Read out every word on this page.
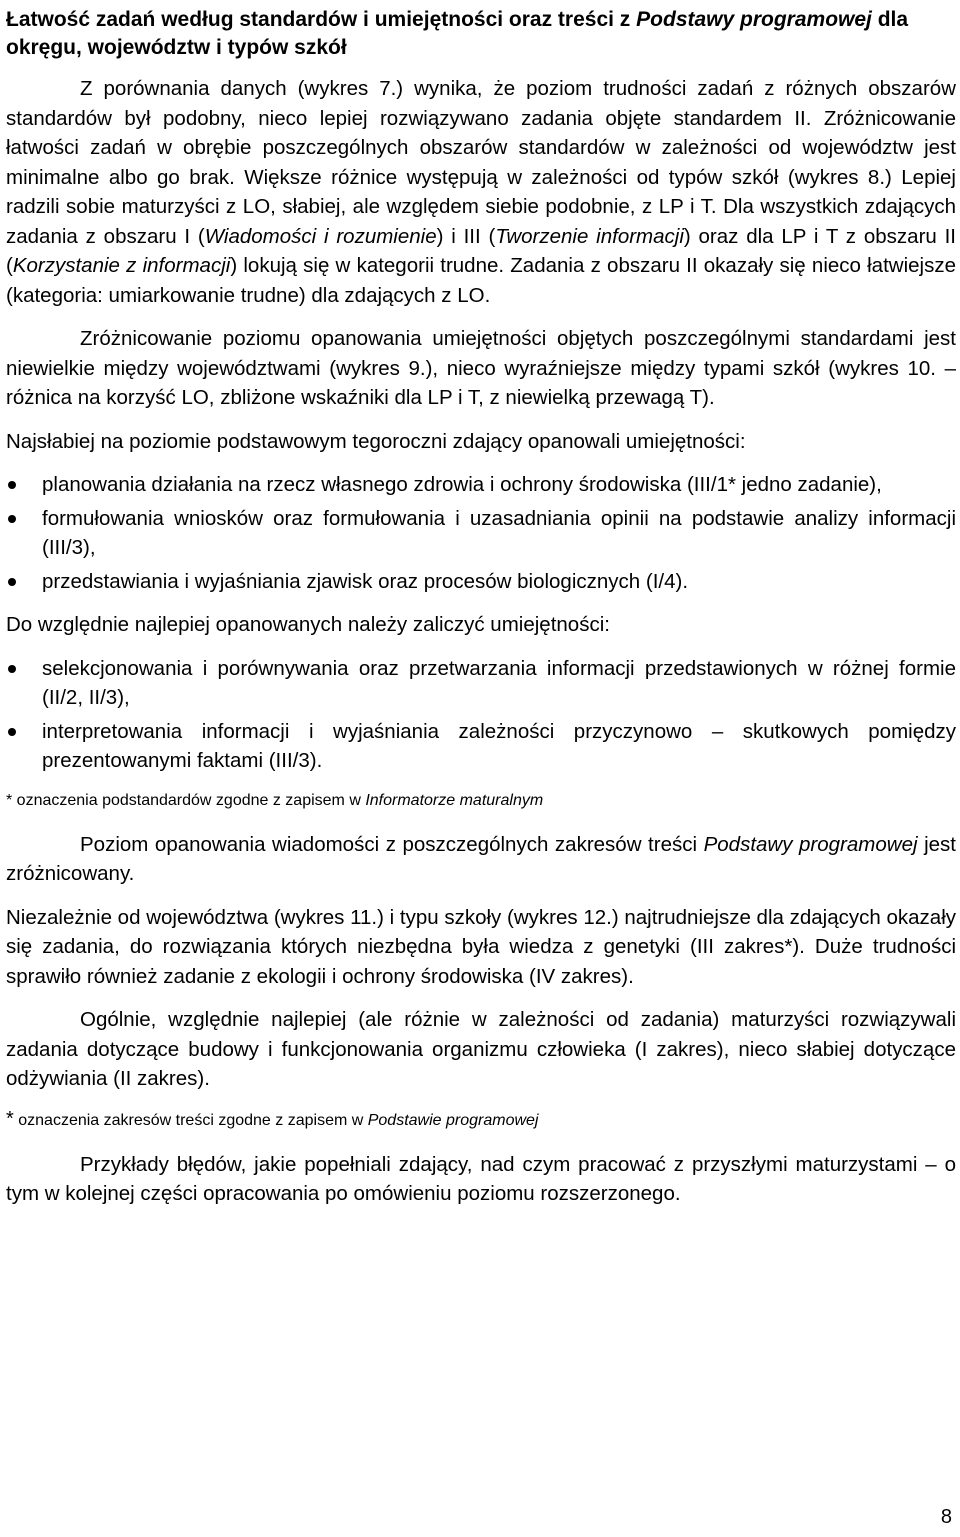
Łatwość zadań według standardów i umiejętności oraz treści z Podstawy programowej dla okręgu, województw i typów szkół

Z porównania danych (wykres 7.) wynika, że poziom trudności zadań z różnych obszarów standardów był podobny, nieco lepiej rozwiązywano zadania objęte standardem II. Zróżnicowanie łatwości zadań w obrębie poszczególnych obszarów standardów w zależności od województw jest minimalne albo go brak. Większe różnice występują w zależności od typów szkół (wykres 8.) Lepiej radzili sobie maturzyści z LO, słabiej, ale względem siebie podobnie, z LP i T. Dla wszystkich zdających zadania z obszaru I (Wiadomości i rozumienie) i III (Tworzenie informacji) oraz dla LP i T z obszaru II (Korzystanie z informacji) lokują się w kategorii trudne. Zadania z obszaru II okazały się nieco łatwiejsze (kategoria: umiarkowanie trudne) dla zdających z LO.

Zróżnicowanie poziomu opanowania umiejętności objętych poszczególnymi standardami jest niewielkie między województwami (wykres 9.), nieco wyraźniejsze między typami szkół (wykres 10. – różnica na korzyść LO, zbliżone wskaźniki dla LP i T, z niewielką przewagą T).

Najsłabiej na poziomie podstawowym tegoroczni zdający opanowali umiejętności:

planowania działania na rzecz własnego zdrowia i ochrony środowiska (III/1* jedno zadanie),
formułowania wniosków oraz formułowania i uzasadniania opinii na podstawie analizy informacji (III/3),
przedstawiania i wyjaśniania zjawisk oraz procesów biologicznych (I/4).

Do względnie najlepiej opanowanych należy zaliczyć umiejętności:

selekcjonowania i porównywania oraz przetwarzania informacji przedstawionych w różnej formie (II/2, II/3),
interpretowania informacji i wyjaśniania zależności przyczynowo – skutkowych pomiędzy prezentowanymi faktami (III/3).

* oznaczenia podstandardów zgodne z zapisem w Informatorze maturalnym

Poziom opanowania wiadomości z poszczególnych zakresów treści Podstawy programowej jest zróżnicowany.

Niezależnie od województwa (wykres 11.) i typu szkoły (wykres 12.) najtrudniejsze dla zdających okazały się zadania, do rozwiązania których niezbędna była wiedza z genetyki (III zakres*). Duże trudności sprawiło również zadanie z ekologii i ochrony środowiska (IV zakres).

Ogólnie, względnie najlepiej (ale różnie w zależności od zadania) maturzyści rozwiązywali zadania dotyczące budowy i funkcjonowania organizmu człowieka (I zakres), nieco słabiej dotyczące odżywiania (II zakres).

* oznaczenia zakresów treści zgodne z zapisem w Podstawie programowej

Przykłady błędów, jakie popełniali zdający, nad czym pracować z przyszłymi maturzystami – o tym w kolejnej części opracowania po omówieniu poziomu rozszerzonego.

8
